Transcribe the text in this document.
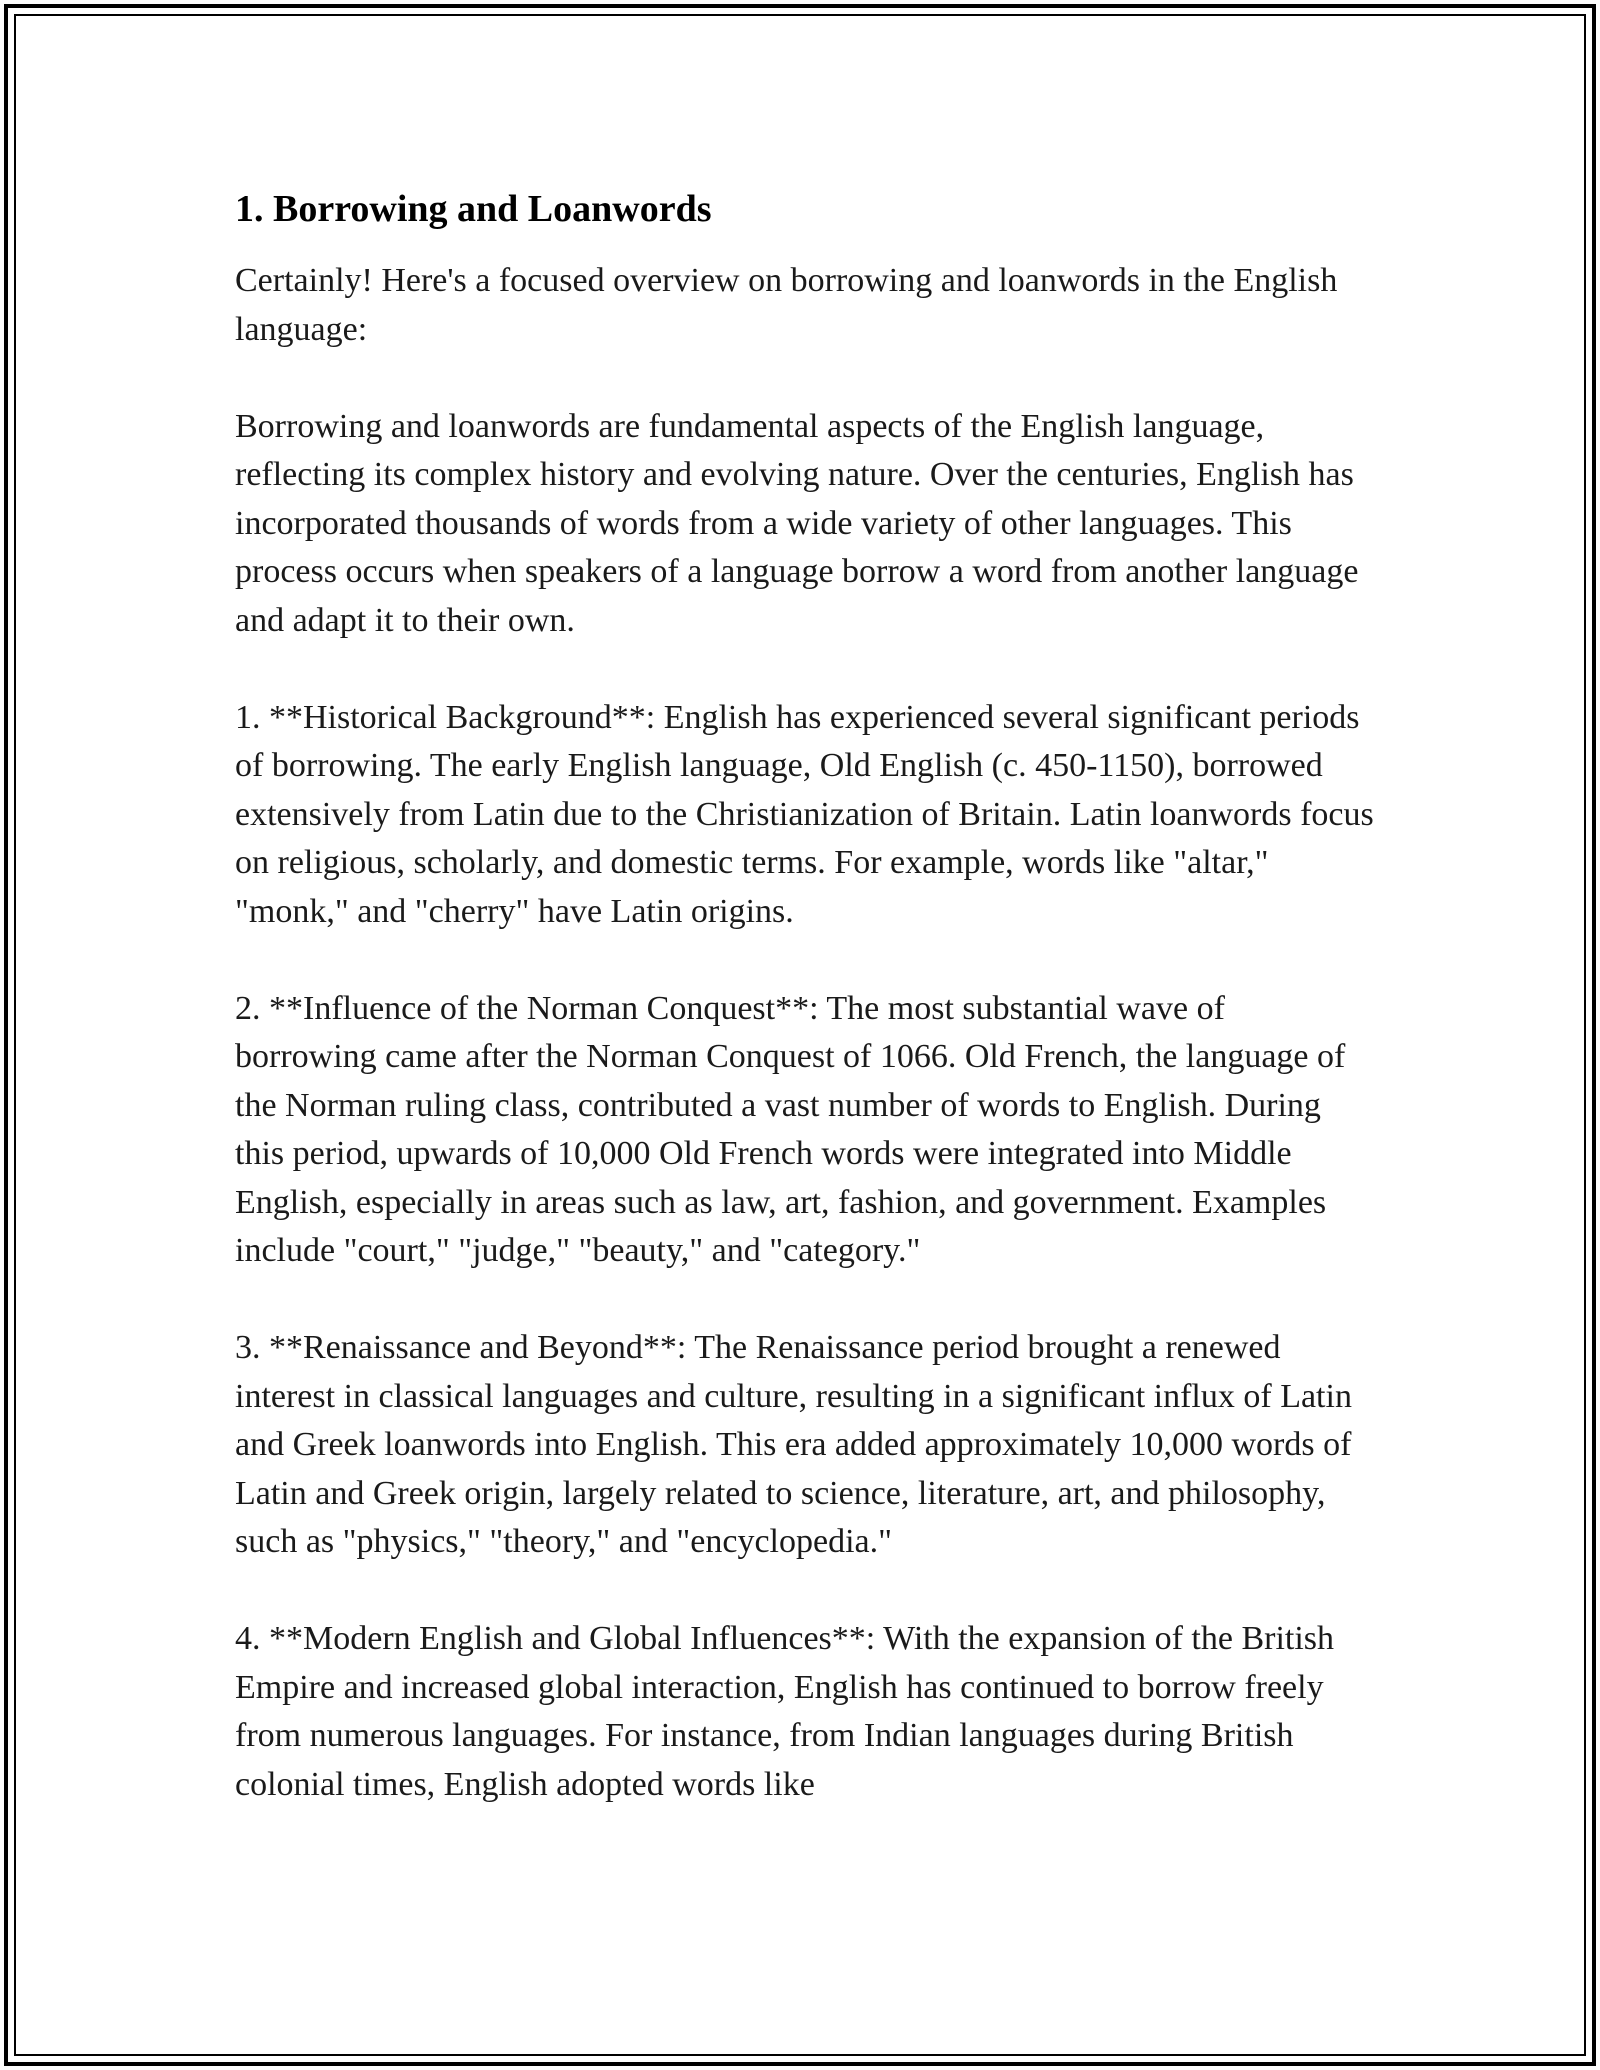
1. Borrowing and Loanwords

Certainly! Here's a focused overview on borrowing and loanwords in the English language:

Borrowing and loanwords are fundamental aspects of the English language, reflecting its complex history and evolving nature. Over the centuries, English has incorporated thousands of words from a wide variety of other languages. This process occurs when speakers of a language borrow a word from another language and adapt it to their own.

1. **Historical Background**: English has experienced several significant periods of borrowing. The early English language, Old English (c. 450-1150), borrowed extensively from Latin due to the Christianization of Britain. Latin loanwords focus on religious, scholarly, and domestic terms. For example, words like "altar," "monk," and "cherry" have Latin origins.

2. **Influence of the Norman Conquest**: The most substantial wave of borrowing came after the Norman Conquest of 1066. Old French, the language of the Norman ruling class, contributed a vast number of words to English. During this period, upwards of 10,000 Old French words were integrated into Middle English, especially in areas such as law, art, fashion, and government. Examples include "court," "judge," "beauty," and "category."

3. **Renaissance and Beyond**: The Renaissance period brought a renewed interest in classical languages and culture, resulting in a significant influx of Latin and Greek loanwords into English. This era added approximately 10,000 words of Latin and Greek origin, largely related to science, literature, art, and philosophy, such as "physics," "theory," and "encyclopedia."

4. **Modern English and Global Influences**: With the expansion of the British Empire and increased global interaction, English has continued to borrow freely from numerous languages. For instance, from Indian languages during British colonial times, English adopted words like
